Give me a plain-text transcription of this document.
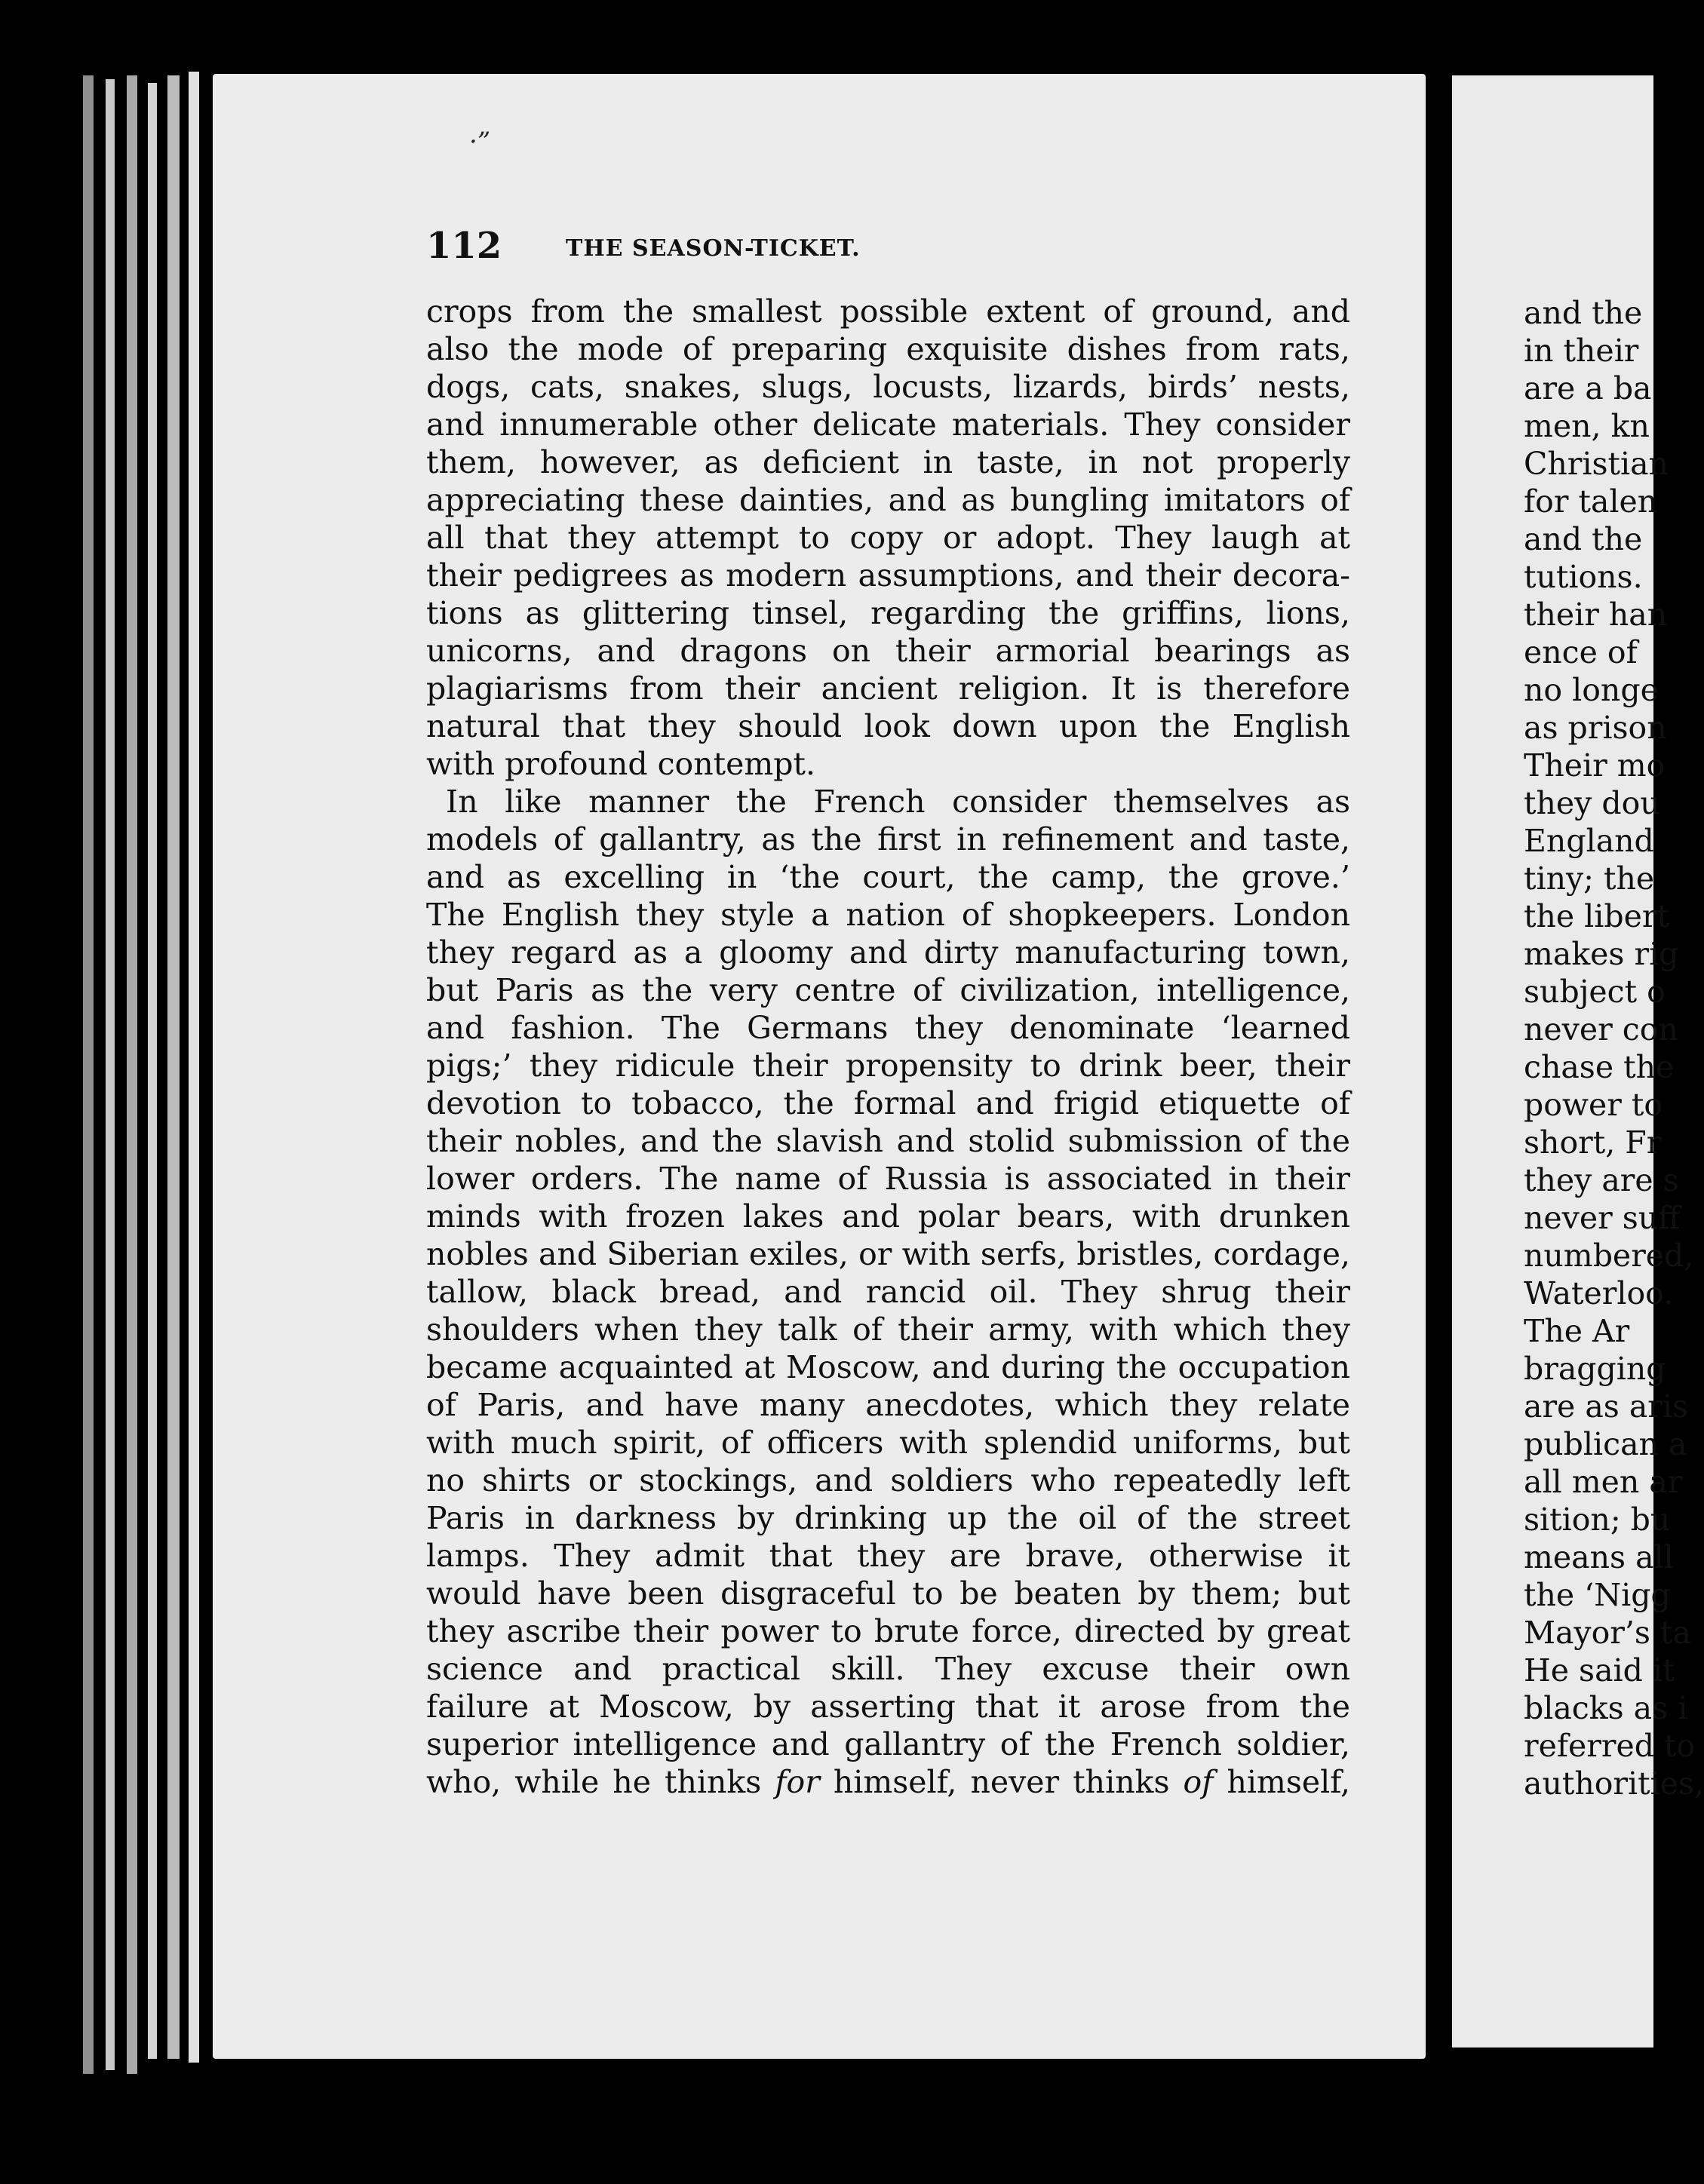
·”
112	THE SEASON-TICKET.
crops from the smallest possible extent of ground, and
also the mode of preparing exquisite dishes from rats,
dogs, cats, snakes, slugs, locusts, lizards, birds’ nests,
and innumerable other delicate materials. They consider
them, however, as deficient in taste, in not properly
appreciating these dainties, and as bungling imitators of
all that they attempt to copy or adopt. They laugh at
their pedigrees as modern assumptions, and their decora-
tions as glittering tinsel, regarding the griffins, lions,
unicorns, and dragons on their armorial bearings as
plagiarisms from their ancient religion. It is therefore
natural that they should look down upon the English
with profound contempt.
In like manner the French consider themselves as
models of gallantry, as the first in refinement and taste,
and as excelling in ‘the court, the camp, the grove.’
The English they style a nation of shopkeepers. London
they regard as a gloomy and dirty manufacturing town,
but Paris as the very centre of civilization, intelligence,
and fashion. The Germans they denominate ‘learned
pigs;’ they ridicule their propensity to drink beer, their
devotion to tobacco, the formal and frigid etiquette of
their nobles, and the slavish and stolid submission of the
lower orders. The name of Russia is associated in their
minds with frozen lakes and polar bears, with drunken
nobles and Siberian exiles, or with serfs, bristles, cordage,
tallow, black bread, and rancid oil. They shrug their
shoulders when they talk of their army, with which they
became acquainted at Moscow, and during the occupation
of Paris, and have many anecdotes, which they relate
with much spirit, of officers with splendid uniforms, but
no shirts or stockings, and soldiers who repeatedly left
Paris in darkness by drinking up the oil of the street
lamps. They admit that they are brave, otherwise it
would have been disgraceful to be beaten by them; but
they ascribe their power to brute force, directed by great
science and practical skill. They excuse their own
failure at Moscow, by asserting that it arose from the
superior intelligence and gallantry of the French soldier,
who, while he thinks for himself, never thinks of himself,
and the
in their
are a ba
men, kn
Christian
for talen
and the
tutions.
their han
ence of
no longe
as prison
Their mo
they dou
England
tiny; the
the libert
makes rig
subject o
never con
chase the
power to
short, Fr
they are s
never suff
numbered,
Waterloo.
The Ar
bragging
are as aris
publican a
all men ar
sition; bu
means all
the ‘Nigg
Mayor’s ta
He said it
blacks as i
referred to
authorities,
